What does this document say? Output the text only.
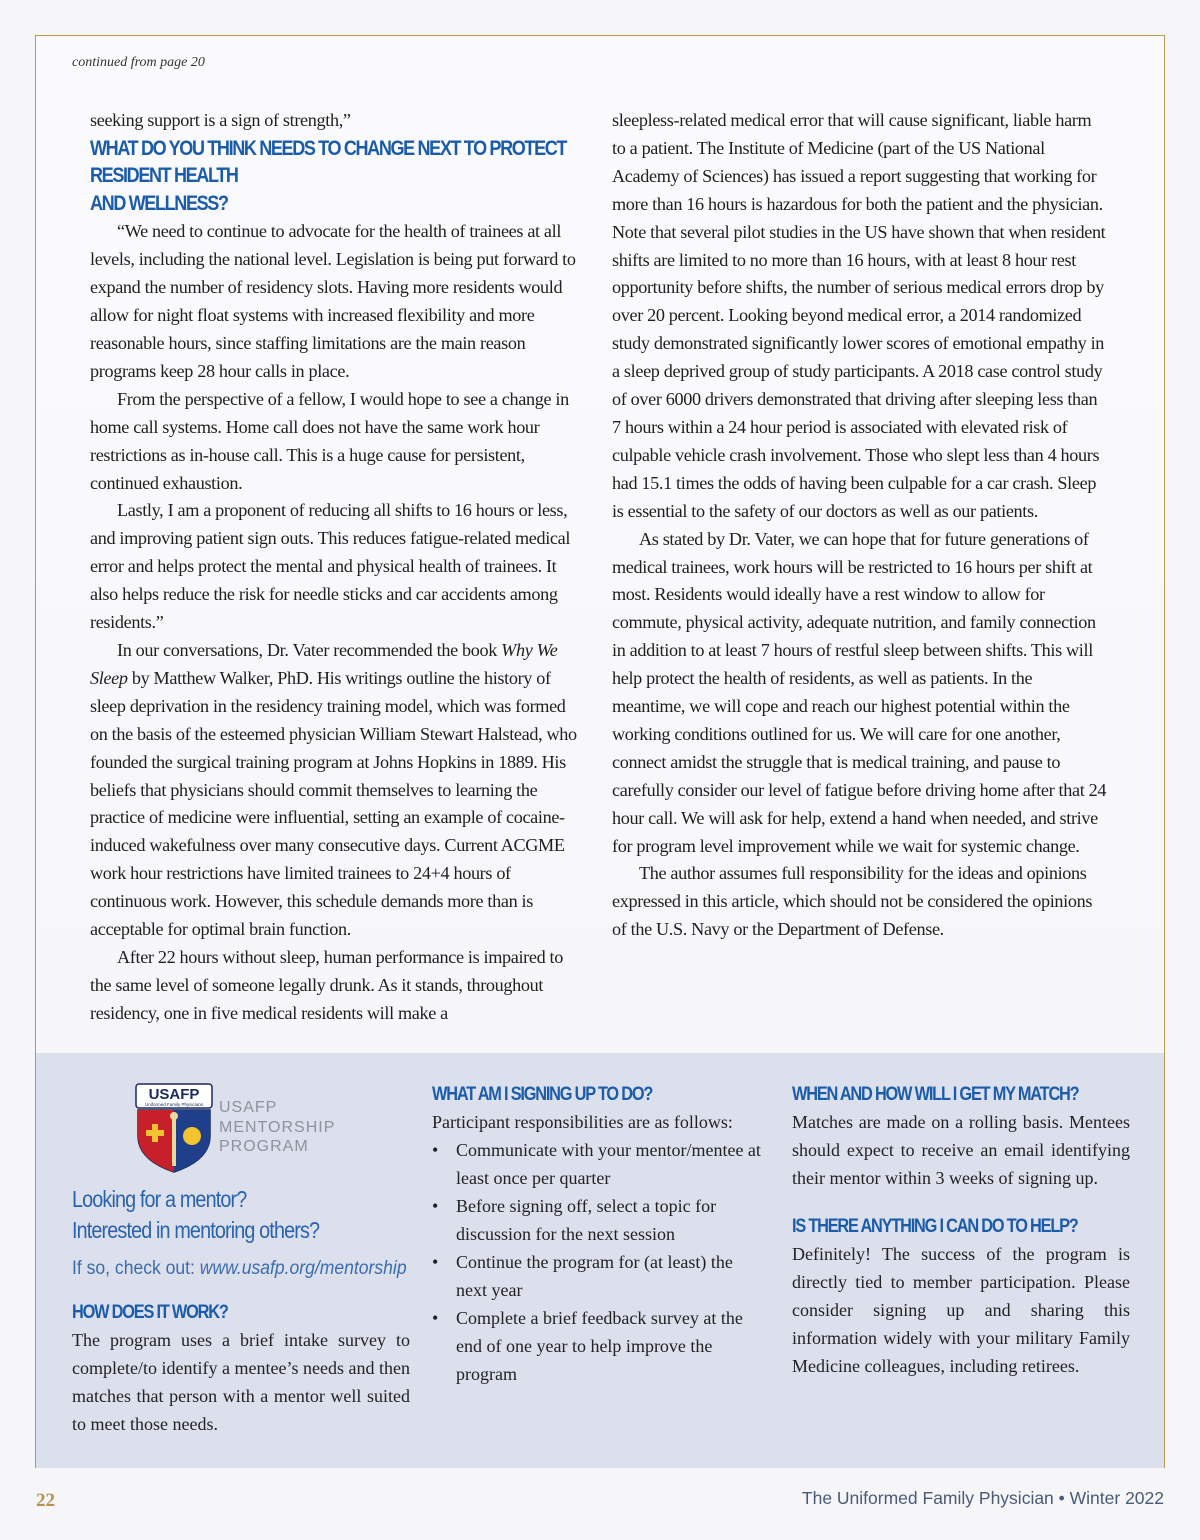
continued from page 20

seeking support is a sign of strength,”

WHAT DO YOU THINK NEEDS TO CHANGE NEXT TO PROTECT RESIDENT HEALTH
AND WELLNESS?

“We need to continue to advocate for the health of trainees at all levels, including the national level. Legislation is being put forward to expand the number of residency slots. Having more residents would allow for night float systems with increased flexibility and more reasonable hours, since staffing limitations are the main reason programs keep 28 hour calls in place.

From the perspective of a fellow, I would hope to see a change in home call systems. Home call does not have the same work hour restrictions as in-house call. This is a huge cause for persistent, continued exhaustion.

Lastly, I am a proponent of reducing all shifts to 16 hours or less, and improving patient sign outs. This reduces fatigue-related medical error and helps protect the mental and physical health of trainees. It also helps reduce the risk for needle sticks and car accidents among residents.”

In our conversations, Dr. Vater recommended the book Why We Sleep by Matthew Walker, PhD. His writings outline the history of sleep deprivation in the residency training model, which was formed on the basis of the esteemed physician William Stewart Halstead, who founded the surgical training program at Johns Hopkins in 1889. His beliefs that physicians should commit themselves to learning the practice of medicine were influential, setting an example of cocaine-induced wakefulness over many consecutive days. Current ACGME work hour restrictions have limited trainees to 24+4 hours of continuous work. However, this schedule demands more than is acceptable for optimal brain function.

After 22 hours without sleep, human performance is impaired to the same level of someone legally drunk. As it stands, throughout residency, one in five medical residents will make a

sleepless-related medical error that will cause significant, liable harm to a patient. The Institute of Medicine (part of the US National Academy of Sciences) has issued a report suggesting that working for more than 16 hours is hazardous for both the patient and the physician. Note that several pilot studies in the US have shown that when resident shifts are limited to no more than 16 hours, with at least 8 hour rest opportunity before shifts, the number of serious medical errors drop by over 20 percent. Looking beyond medical error, a 2014 randomized study demonstrated significantly lower scores of emotional empathy in a sleep deprived group of study participants. A 2018 case control study of over 6000 drivers demonstrated that driving after sleeping less than 7 hours within a 24 hour period is associated with elevated risk of culpable vehicle crash involvement. Those who slept less than 4 hours had 15.1 times the odds of having been culpable for a car crash. Sleep is essential to the safety of our doctors as well as our patients.

As stated by Dr. Vater, we can hope that for future generations of medical trainees, work hours will be restricted to 16 hours per shift at most. Residents would ideally have a rest window to allow for commute, physical activity, adequate nutrition, and family connection in addition to at least 7 hours of restful sleep between shifts. This will help protect the health of residents, as well as patients. In the meantime, we will cope and reach our highest potential within the working conditions outlined for us. We will care for one another, connect amidst the struggle that is medical training, and pause to carefully consider our level of fatigue before driving home after that 24 hour call. We will ask for help, extend a hand when needed, and strive for program level improvement while we wait for systemic change.

The author assumes full responsibility for the ideas and opinions expressed in this article, which should not be considered the opinions of the U.S. Navy or the Department of Defense.

USAFP
Uniformed Family Physicians USAFP
MENTORSHIP
PROGRAM
Looking for a mentor?
Interested in mentoring others?
If so, check out: www.usafp.org/mentorship
HOW DOES IT WORK?

The program uses a brief intake survey to complete/to identify a mentee’s needs and then matches that person with a mentor well suited to meet those needs.

WHAT AM I SIGNING UP TO DO?

Participant responsibilities are as follows:

• Communicate with your mentor/mentee at least once per quarter
• Before signing off, select a topic for discussion for the next session
• Continue the program for (at least) the next year
• Complete a brief feedback survey at the end of one year to help improve the program
WHEN AND HOW WILL I GET MY MATCH?

Matches are made on a rolling basis. Mentees should expect to receive an email identifying their mentor within 3 weeks of signing up.

IS THERE ANYTHING I CAN DO TO HELP?

Definitely! The success of the program is directly tied to member participation. Please consider signing up and sharing this information widely with your military Family Medicine colleagues, including retirees.

22	The Uniformed Family Physician • Winter 2022
